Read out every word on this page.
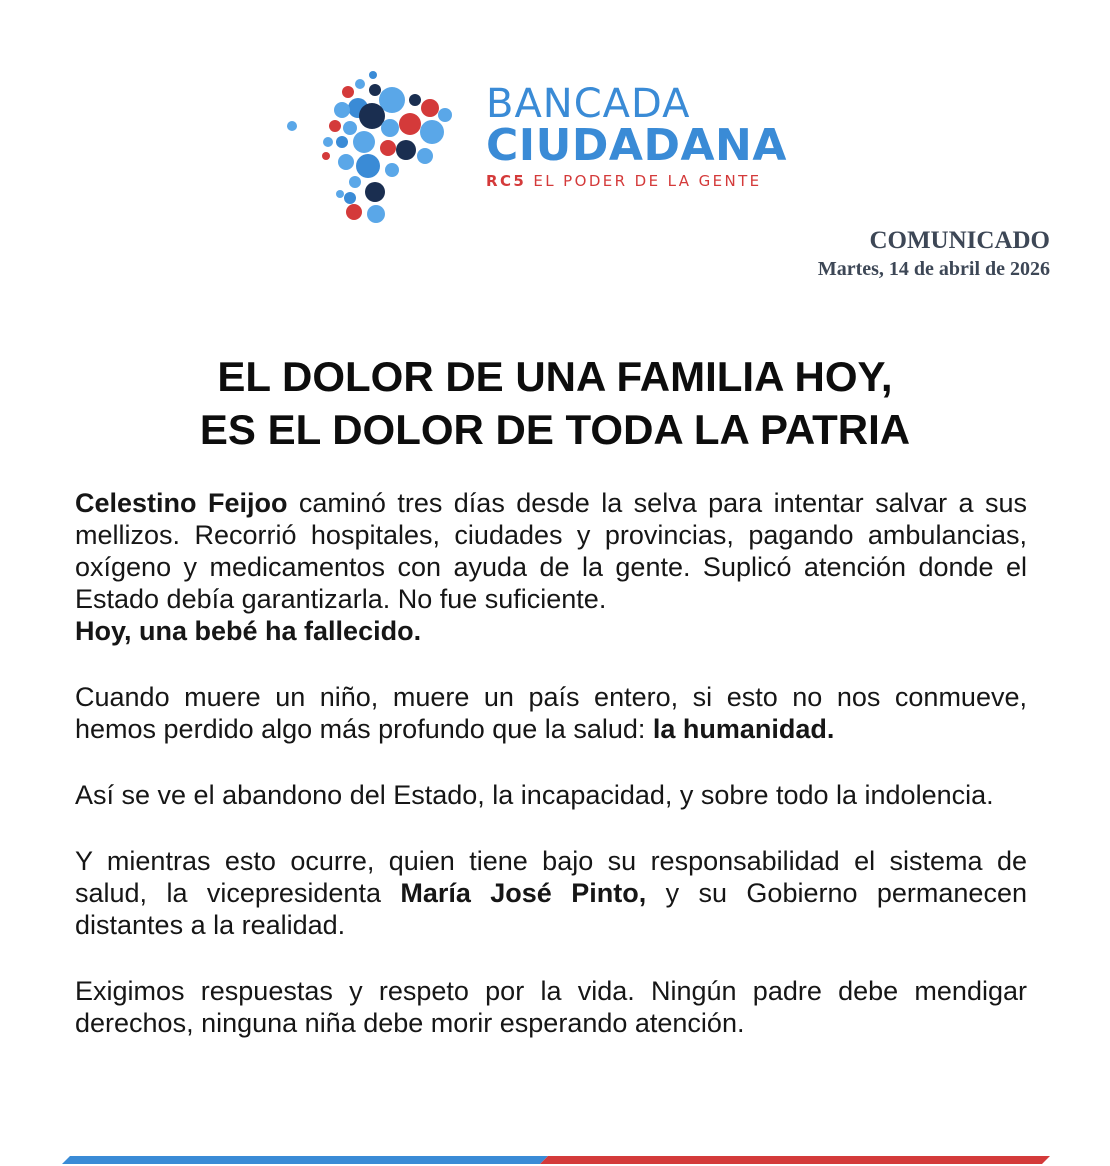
BANCADA
CIUDADANA
RC5 EL PODER DE LA GENTE
COMUNICADO
Martes, 14 de abril de 2026
EL DOLOR DE UNA FAMILIA HOY,
ES EL DOLOR DE TODA LA PATRIA

Celestino Feijoo caminó tres días desde la selva para intentar salvar a sus mellizos. Recorrió hospitales, ciudades y provincias, pagando ambulancias, oxígeno y medicamentos con ayuda de la gente. Suplicó atención donde el Estado debía garantizarla. No fue suficiente.

Hoy, una bebé ha fallecido.

Cuando muere un niño, muere un país entero, si esto no nos conmueve, hemos perdido algo más profundo que la salud: la humanidad.

Así se ve el abandono del Estado, la incapacidad, y sobre todo la indolencia.

Y mientras esto ocurre, quien tiene bajo su responsabilidad el sistema de salud, la vicepresidenta María José Pinto, y su Gobierno permanecen distantes a la realidad.

Exigimos respuestas y respeto por la vida. Ningún padre debe mendigar derechos, ninguna niña debe morir esperando atención.
